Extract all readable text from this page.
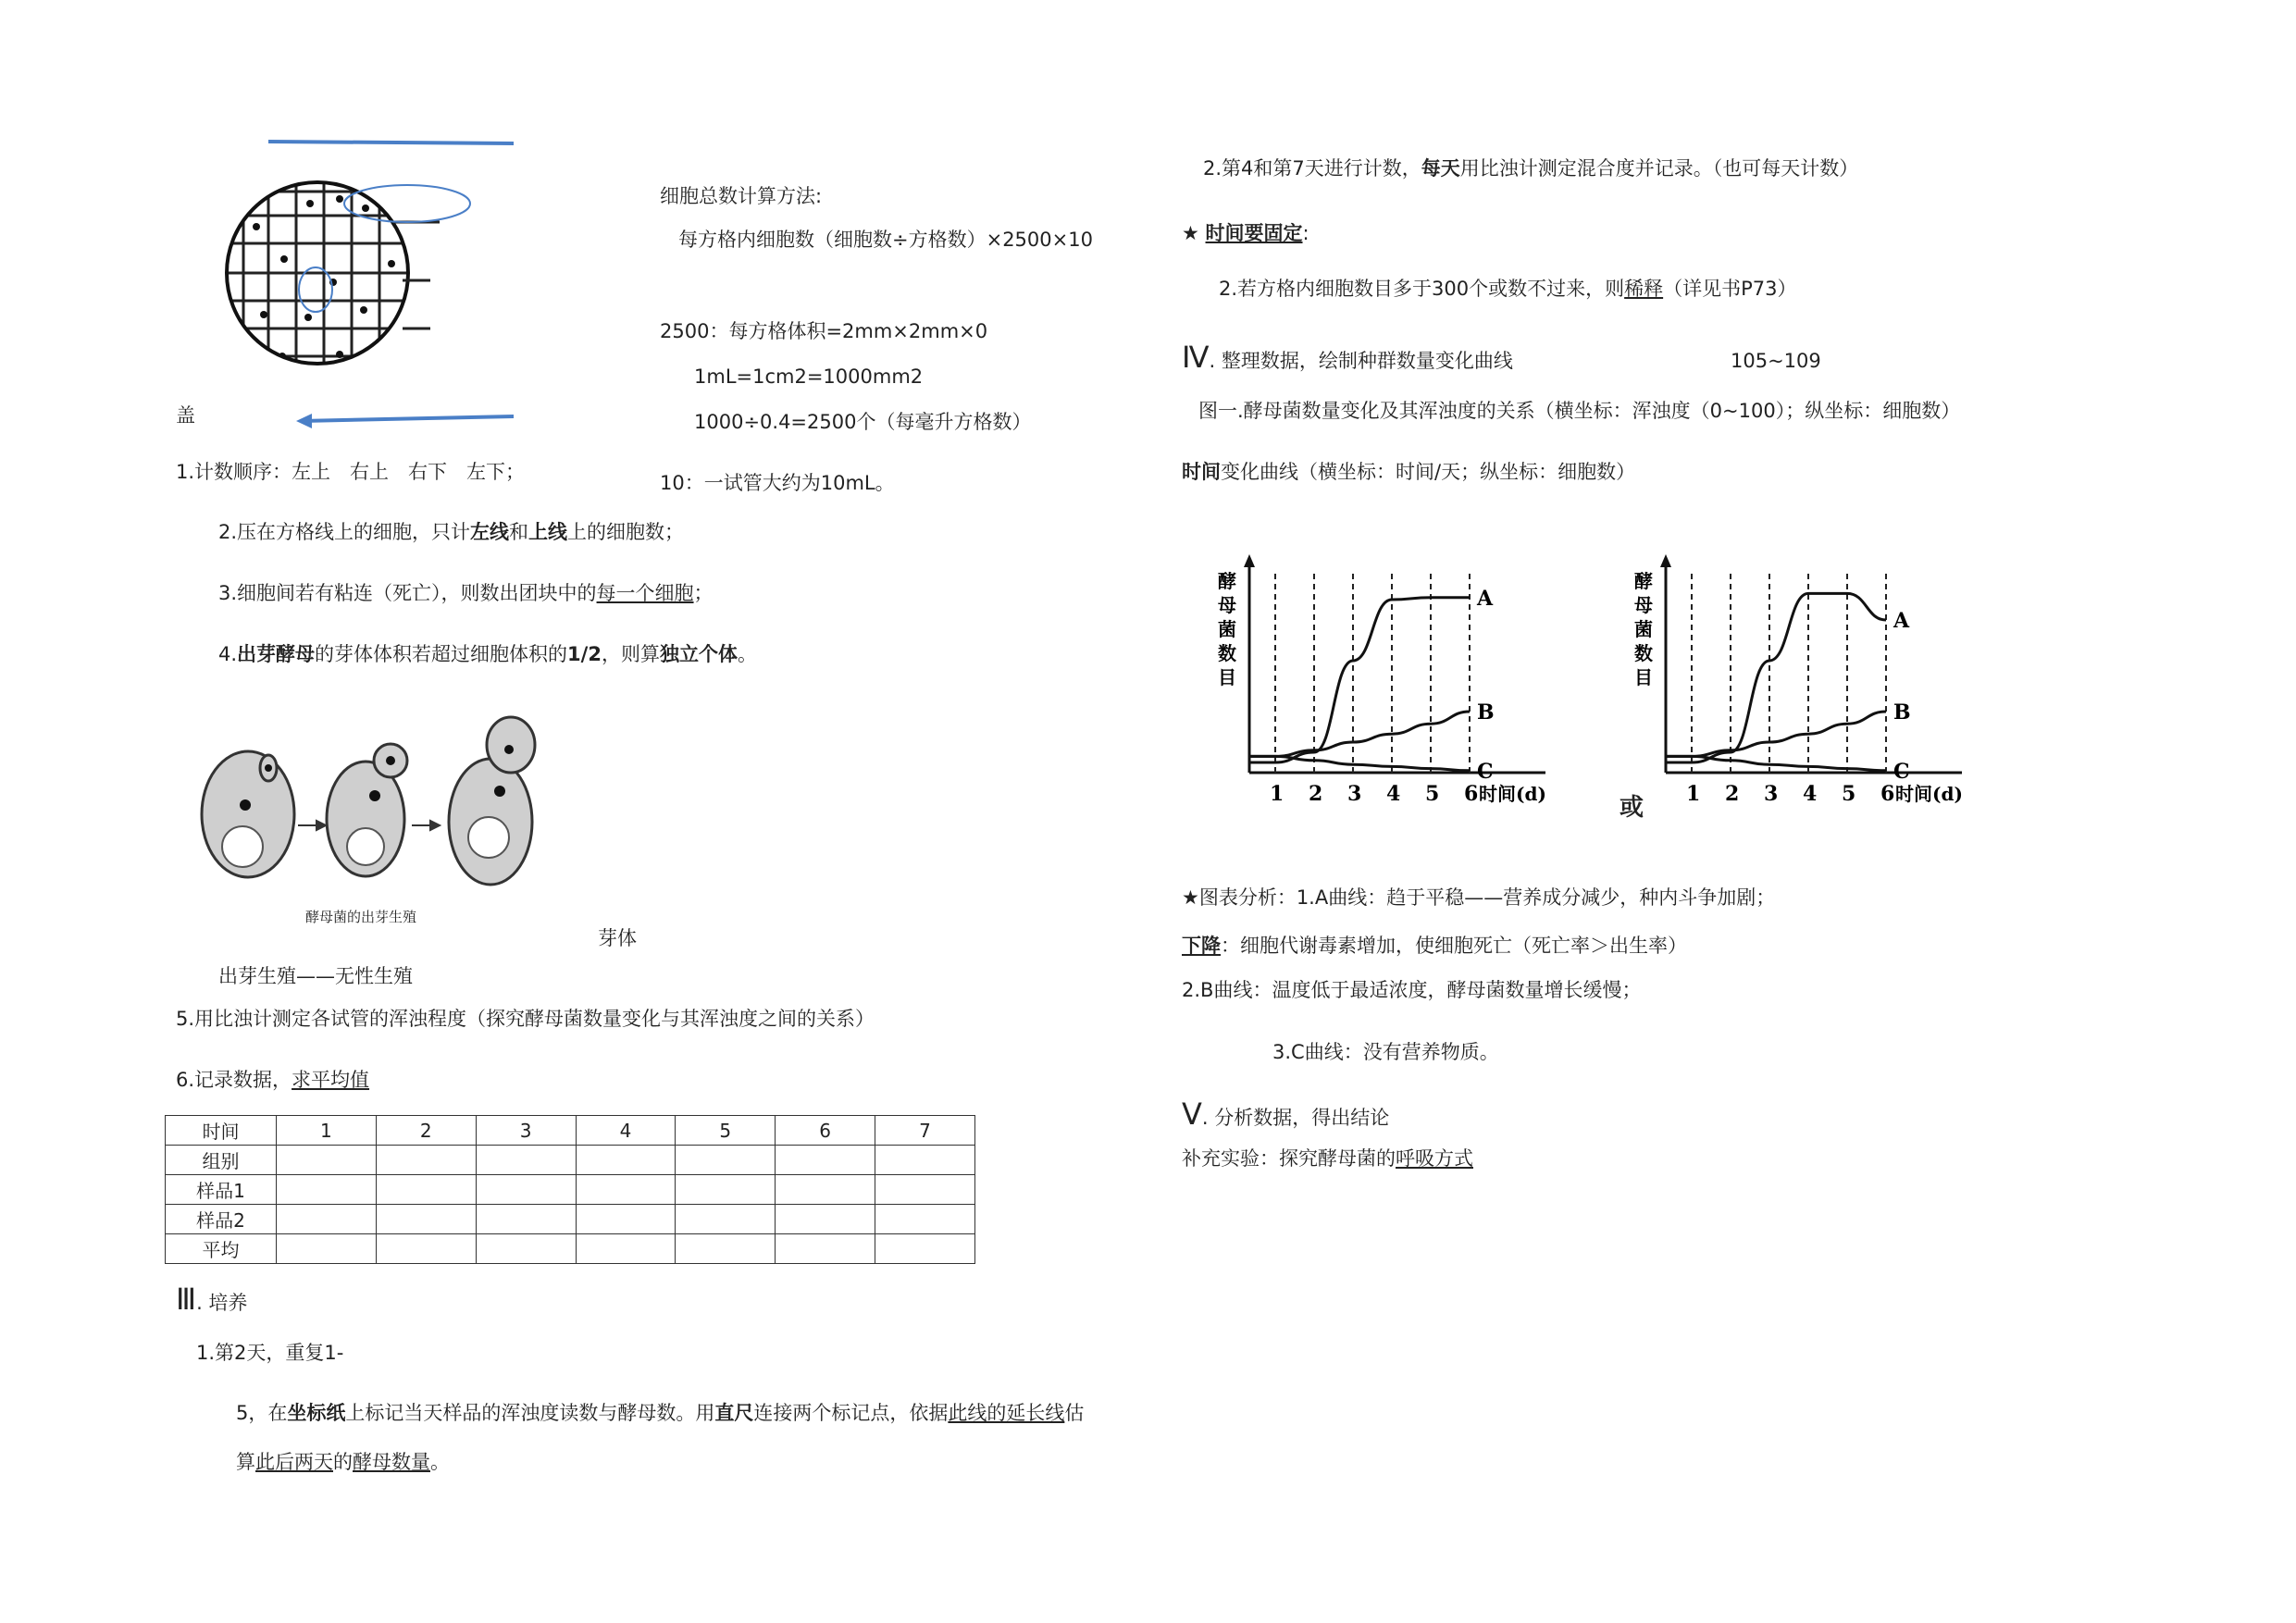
盖
细胞总数计算方法:
每方格内细胞数（细胞数÷方格数）×2500×10
2500：每方格体积=2mm×2mm×0
1mL=1cm2=1000mm2
1000÷0.4=2500个（每毫升方格数）
10：一试管大约为10mL。
1.计数顺序：左上　右上　右下　左下；
2.压在方格线上的细胞，只计左线和上线上的细胞数；
3.细胞间若有粘连（死亡），则数出团块中的每一个细胞；
4.出芽酵母的芽体体积若超过细胞体积的1/2，则算独立个体。
酵母菌的出芽生殖
芽体
出芽生殖——无性生殖
5.用比浊计测定各试管的浑浊程度（探究酵母菌数量变化与其浑浊度之间的关系）
6.记录数据，求平均值
时间	1	2	3	4	5	6	7
组别							
样品1							
样品2							
平均							
Ⅲ. 培养
1.第2天，重复1-
5，在坐标纸上标记当天样品的浑浊度读数与酵母数。用直尺连接两个标记点，依据此线的延长线估
算此后两天的酵母数量。
2.第4和第7天进行计数，每天用比浊计测定混合度并记录。（也可每天计数）
★ 时间要固定:
2.若方格内细胞数目多于300个或数不过来，则稀释（详见书P73）
Ⅳ. 整理数据，绘制种群数量变化曲线	105~109
图一.酵母菌数量变化及其浑浊度的关系（横坐标：浑浊度（0~100）；纵坐标：细胞数）
时间变化曲线（横坐标：时间/天；纵坐标：细胞数）
酵
母
菌
数
目
1 2 3 4 5 6 时间(d)
A
B
C
酵
母
菌
数
目
1 2 3 4 5 6 时间(d)
A
B
C
或
★图表分析：1.A曲线：趋于平稳——营养成分减少，种内斗争加剧；
下降：细胞代谢毒素增加，使细胞死亡（死亡率＞出生率）
2.B曲线：温度低于最适浓度，酵母菌数量增长缓慢；
3.C曲线：没有营养物质。
Ⅴ. 分析数据，得出结论
补充实验：探究酵母菌的呼吸方式
